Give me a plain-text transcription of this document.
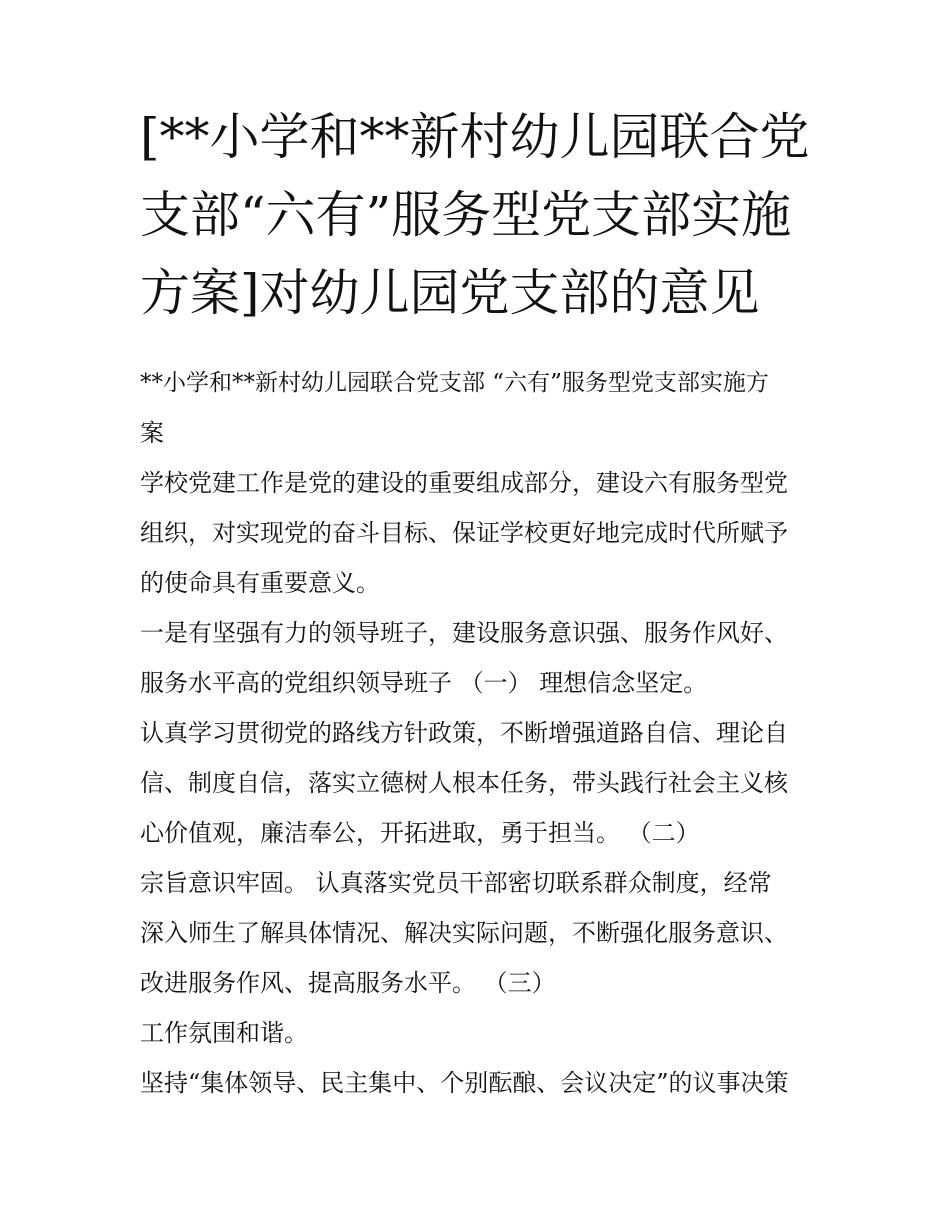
[**小学和**新村幼儿园联合党
支部“六有”服务型党支部实施
方案]对幼儿园党支部的意见
**小学和**新村幼儿园联合党支部 “六有”服务型党支部实施方
案
学校党建工作是党的建设的重要组成部分，建设六有服务型党
组织，对实现党的奋斗目标、保证学校更好地完成时代所赋予
的使命具有重要意义。
一是有坚强有力的领导班子，建设服务意识强、服务作风好、
服务水平高的党组织领导班子 （一） 理想信念坚定。
认真学习贯彻党的路线方针政策，不断增强道路自信、理论自
信、制度自信，落实立德树人根本任务，带头践行社会主义核
心价值观，廉洁奉公，开拓进取，勇于担当。 （二）
宗旨意识牢固。 认真落实党员干部密切联系群众制度，经常
深入师生了解具体情况、解决实际问题，不断强化服务意识、
改进服务作风、提高服务水平。 （三）
工作氛围和谐。
坚持“集体领导、民主集中、个别酝酿、会议决定”的议事决策
